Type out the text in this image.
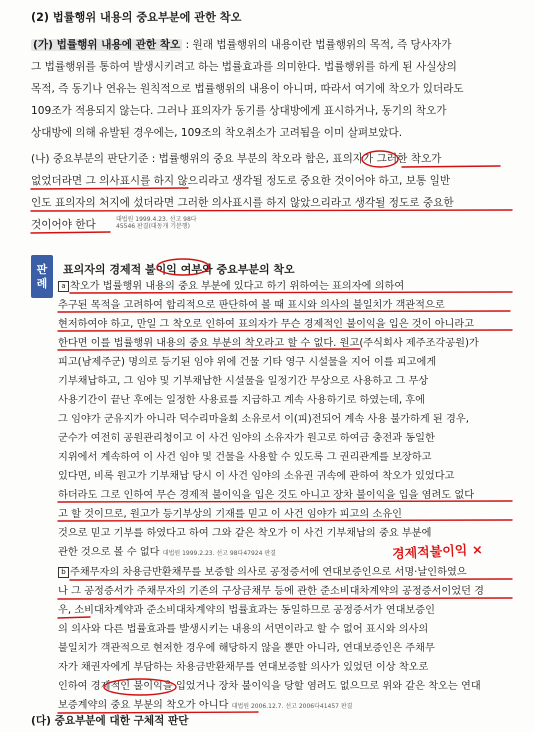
(2) 법률행위 내용의 중요부분에 관한 착오
(가) 법률행위 내용에 관한 착오 : 원래 법률행위의 내용이란 법률행위의 목적, 즉 당사자가
그 법률행위를 통하여 발생시키려고 하는 법률효과를 의미한다. 법률행위를 하게 된 사실상의
목적, 즉 동기나 연유는 원칙적으로 법률행위의 내용이 아니며, 따라서 여기에 착오가 있더라도
109조가 적용되지 않는다. 그러나 표의자가 동기를 상대방에게 표시하거나, 동기의 착오가
상대방에 의해 유발된 경우에는, 109조의 착오취소가 고려됨을 이미 살펴보았다.
(나) 중요부분의 판단기준 : 법률행위의 중요 부분의 착오라 함은, 표의자가 그러한 착오가
없었더라면 그 의사표시를 하지 않으리라고 생각될 정도로 중요한 것이어야 하고, 보통 일반
인도 표의자의 처지에 섰더라면 그러한 의사표시를 하지 않았으리라고 생각될 정도로 중요한
것이어야 한다	대법원 1999.4.23. 선고 98다45546 판결(대동개 기분행)
판
례
표의자의 경제적 불이익 여부와 중요부분의 착오
a 착오가 법률행위 내용의 중요 부분에 있다고 하기 위하여는 표의자에 의하여
추구된 목적을 고려하여 합리적으로 판단하여 볼 때 표시와 의사의 불일치가 객관적으로
현저하여야 하고, 만일 그 착오로 인하여 표의자가 무슨 경제적인 불이익을 입은 것이 아니라고
한다면 이를 법률행위 내용의 중요 부분의 착오라고 할 수 없다. 원고(주식회사 제주조각공원)가
피고(남제주군) 명의로 등기된 임야 위에 건물 기타 영구 시설물을 지어 이를 피고에게
기부채납하고, 그 임야 및 기부채납한 시설물을 일정기간 무상으로 사용하고 그 무상
사용기간이 끝난 후에는 일정한 사용료를 지급하고 계속 사용하기로 하였는데, 후에
그 임야가 군유지가 아니라 덕수리마을회 소유로서 이(피)전되어 계속 사용 불가하게 된 경우,
군수가 여전히 공원관리청이고 이 사건 임야의 소유자가 원고로 하여금 충전과 동일한
지위에서 계속하여 이 사건 임야 및 건물을 사용할 수 있도록 그 권리관계를 보장하고
있다면, 비록 원고가 기부채납 당시 이 사건 임야의 소유권 귀속에 관하여 착오가 있었다고
하더라도 그로 인하여 무슨 경제적 불이익을 입은 것도 아니고 장차 불이익을 입을 염려도 없다
고 할 것이므로, 원고가 등기부상의 기재를 믿고 이 사건 임야가 피고의 소유인
것으로 믿고 기부를 하였다고 하여 그와 같은 착오가 이 사건 기부채납의 중요 부분에
관한 것으로 볼 수 없다 대법원 1999.2.23. 선고 98다47924 판결	경제적불이익 ×
b 주채무자의 차용금반환채무를 보증할 의사로 공정증서에 연대보증인으로 서명·날인하였으
나 그 공정증서가 주채무자의 기존의 구상금채무 등에 관한 준소비대차계약의 공정증서이었던 경
우, 소비대차계약과 준소비대차계약의 법률효과는 동일하므로 공정증서가 연대보증인
의 의사와 다른 법률효과를 발생시키는 내용의 서면이라고 할 수 없어 표시와 의사의
불일치가 객관적으로 현저한 경우에 해당하지 않을 뿐만 아니라, 연대보증인은 주채무
자가 채권자에게 부담하는 차용금반환채무를 연대보증할 의사가 있었던 이상 착오로
인하여 경제적인 불이익을 입었거나 장차 불이익을 당할 염려도 없으므로 위와 같은 착오는 연대
보증계약의 중요 부분의 착오가 아니다 대법원 2006.12.7. 선고 2006다41457 판결
(다) 중요부분에 대한 구체적 판단
